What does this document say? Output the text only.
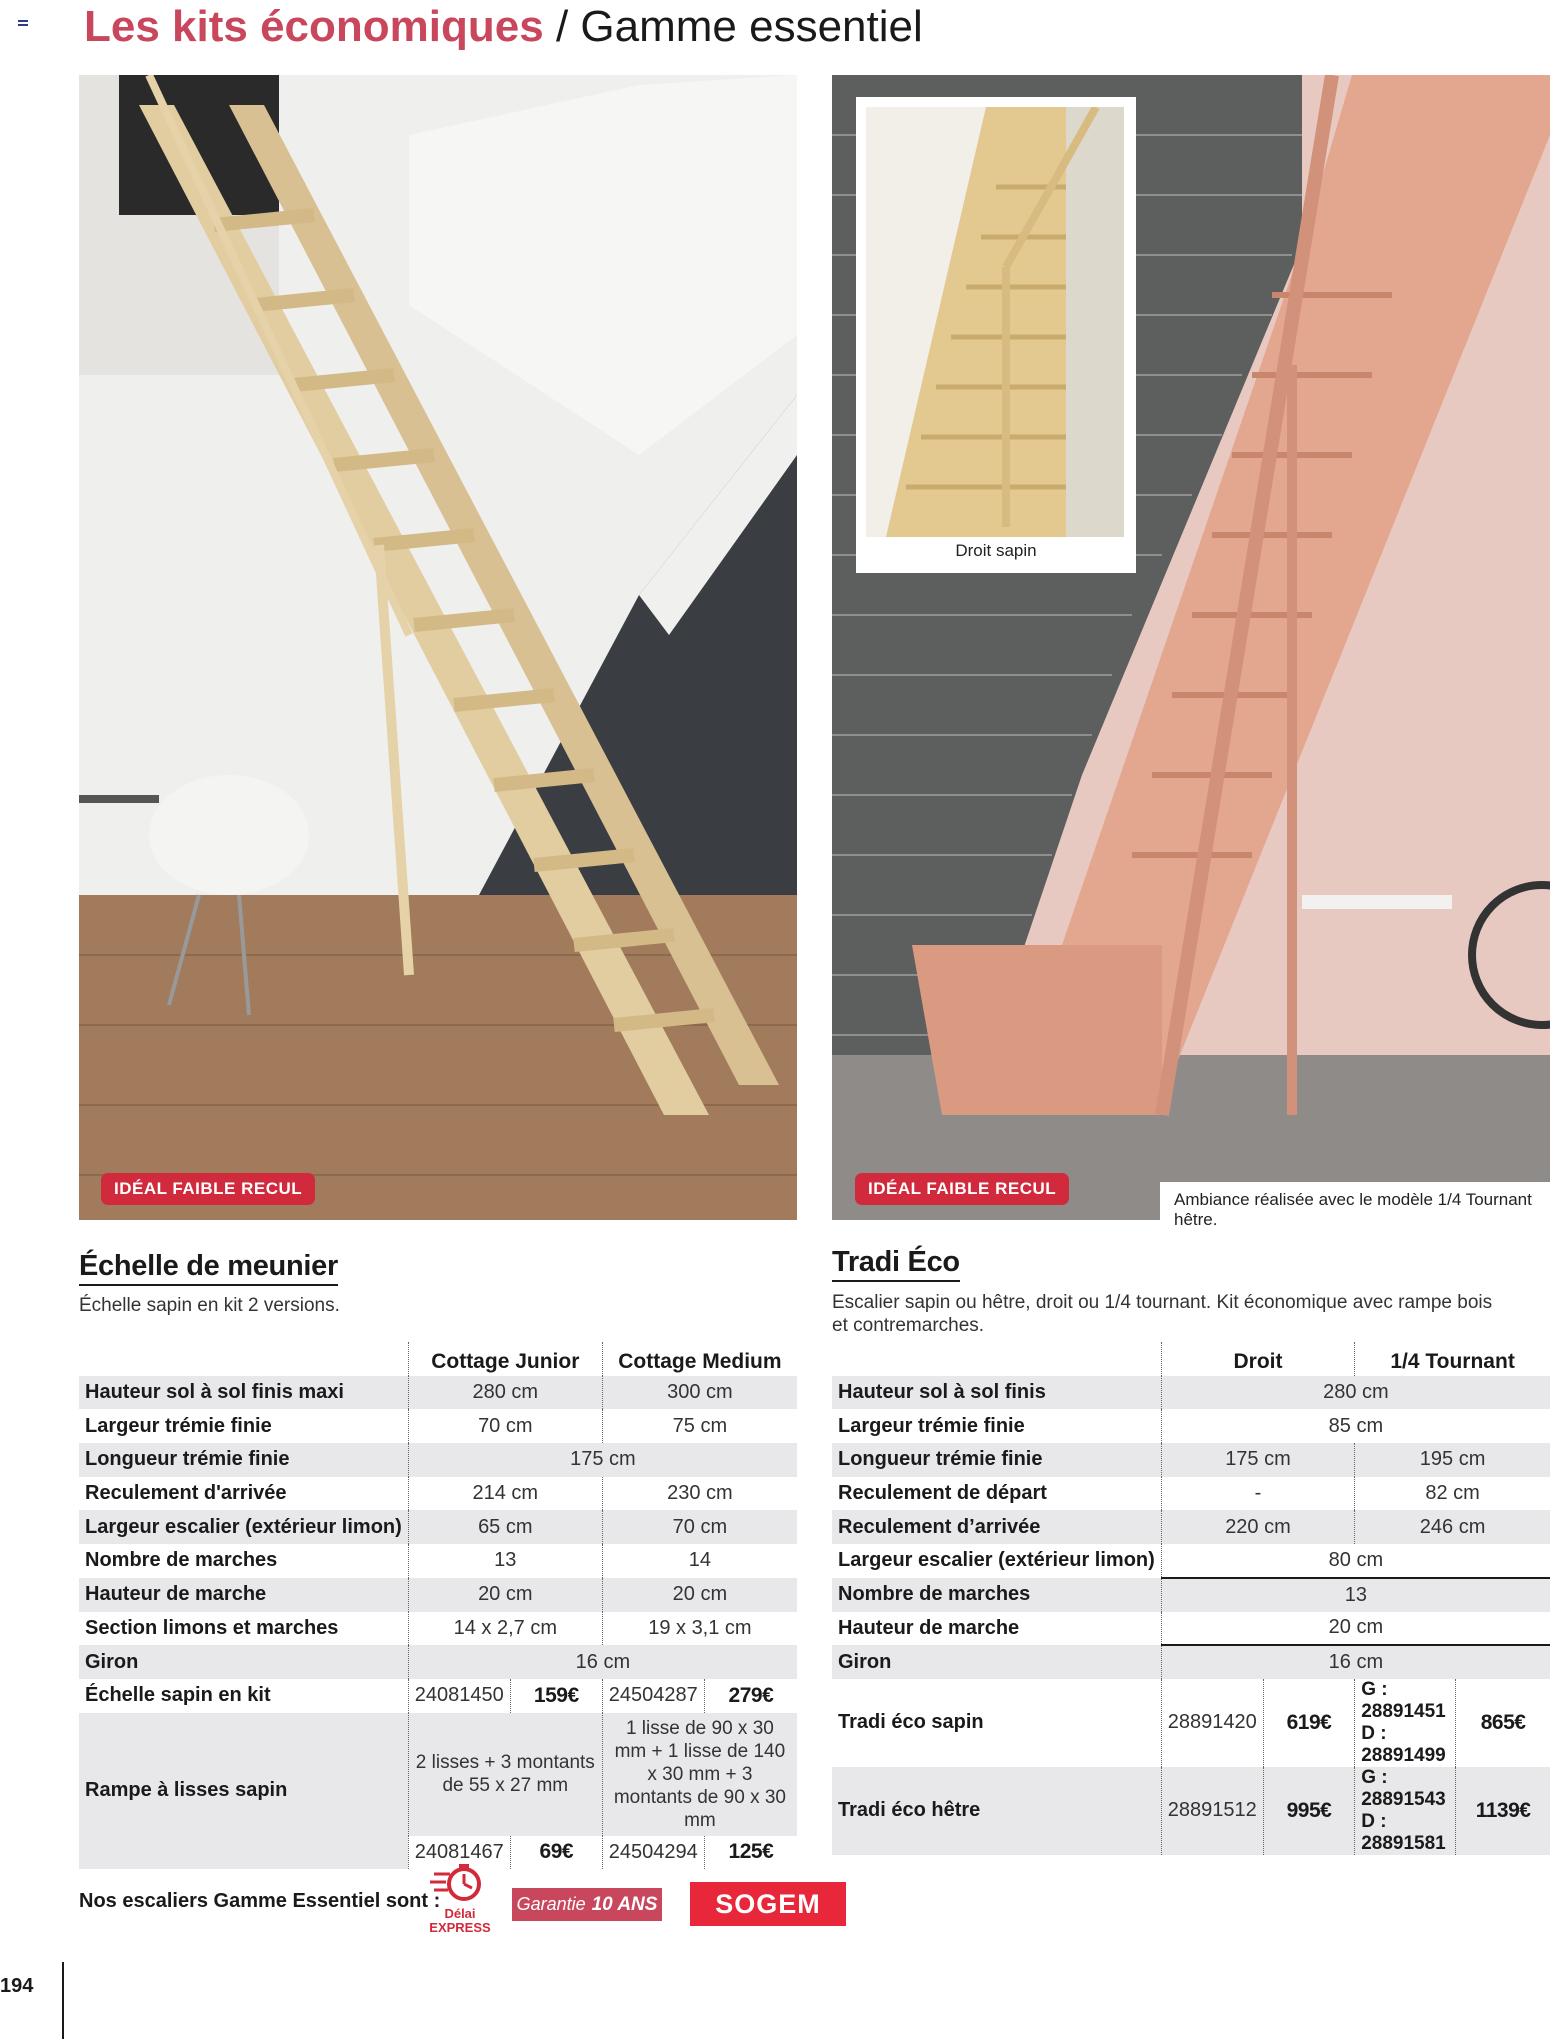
Les kits économiques / Gamme essentiel
IDÉAL FAIBLE RECUL
Droit sapin
IDÉAL FAIBLE RECUL
Ambiance réalisée avec le modèle 1/4 Tournant hêtre.
Échelle de meunier
Échelle sapin en kit 2 versions.
	Cottage Junior		Cottage Medium	
Hauteur sol à sol finis maxi	280 cm		300 cm	
Largeur trémie finie	70 cm		75 cm	
Longueur trémie finie	175 cm			
Reculement d'arrivée	214 cm		230 cm	
Largeur escalier (extérieur limon)	65 cm		70 cm	
Nombre de marches	13		14	
Hauteur de marche	20 cm		20 cm	
Section limons et marches	14 x 2,7 cm		19 x 3,1 cm	
Giron	16 cm			
Échelle sapin en kit	24081450	159€	24504287	279€
Rampe à lisses sapin	2 lisses + 3 montants de 55 x 27 mm		1 lisse de 90 x 30 mm + 1 lisse de 140 x 30 mm + 3 montants de 90 x 30 mm	
	24081467	69€	24504294	125€
Tradi Éco
Escalier sapin ou hêtre, droit ou 1/4 tournant. Kit économique avec rampe bois
et contremarches.
	Droit		1/4 Tournant	
Hauteur sol à sol finis	280 cm			
Largeur trémie finie	85 cm			
Longueur trémie finie	175 cm		195 cm	
Reculement de départ	-		82 cm	
Reculement d’arrivée	220 cm		246 cm	
Largeur escalier (extérieur limon)	80 cm			
Nombre de marches	13			
Hauteur de marche	20 cm			
Giron	16 cm			
Tradi éco sapin	28891420	619€	G : 28891451
D : 28891499	865€
Tradi éco hêtre	28891512	995€	G : 28891543
D : 28891581	1139€
Nos escaliers Gamme Essentiel sont :
Délai
EXPRESS
Garantie 10 ANS	SOGEM
194
